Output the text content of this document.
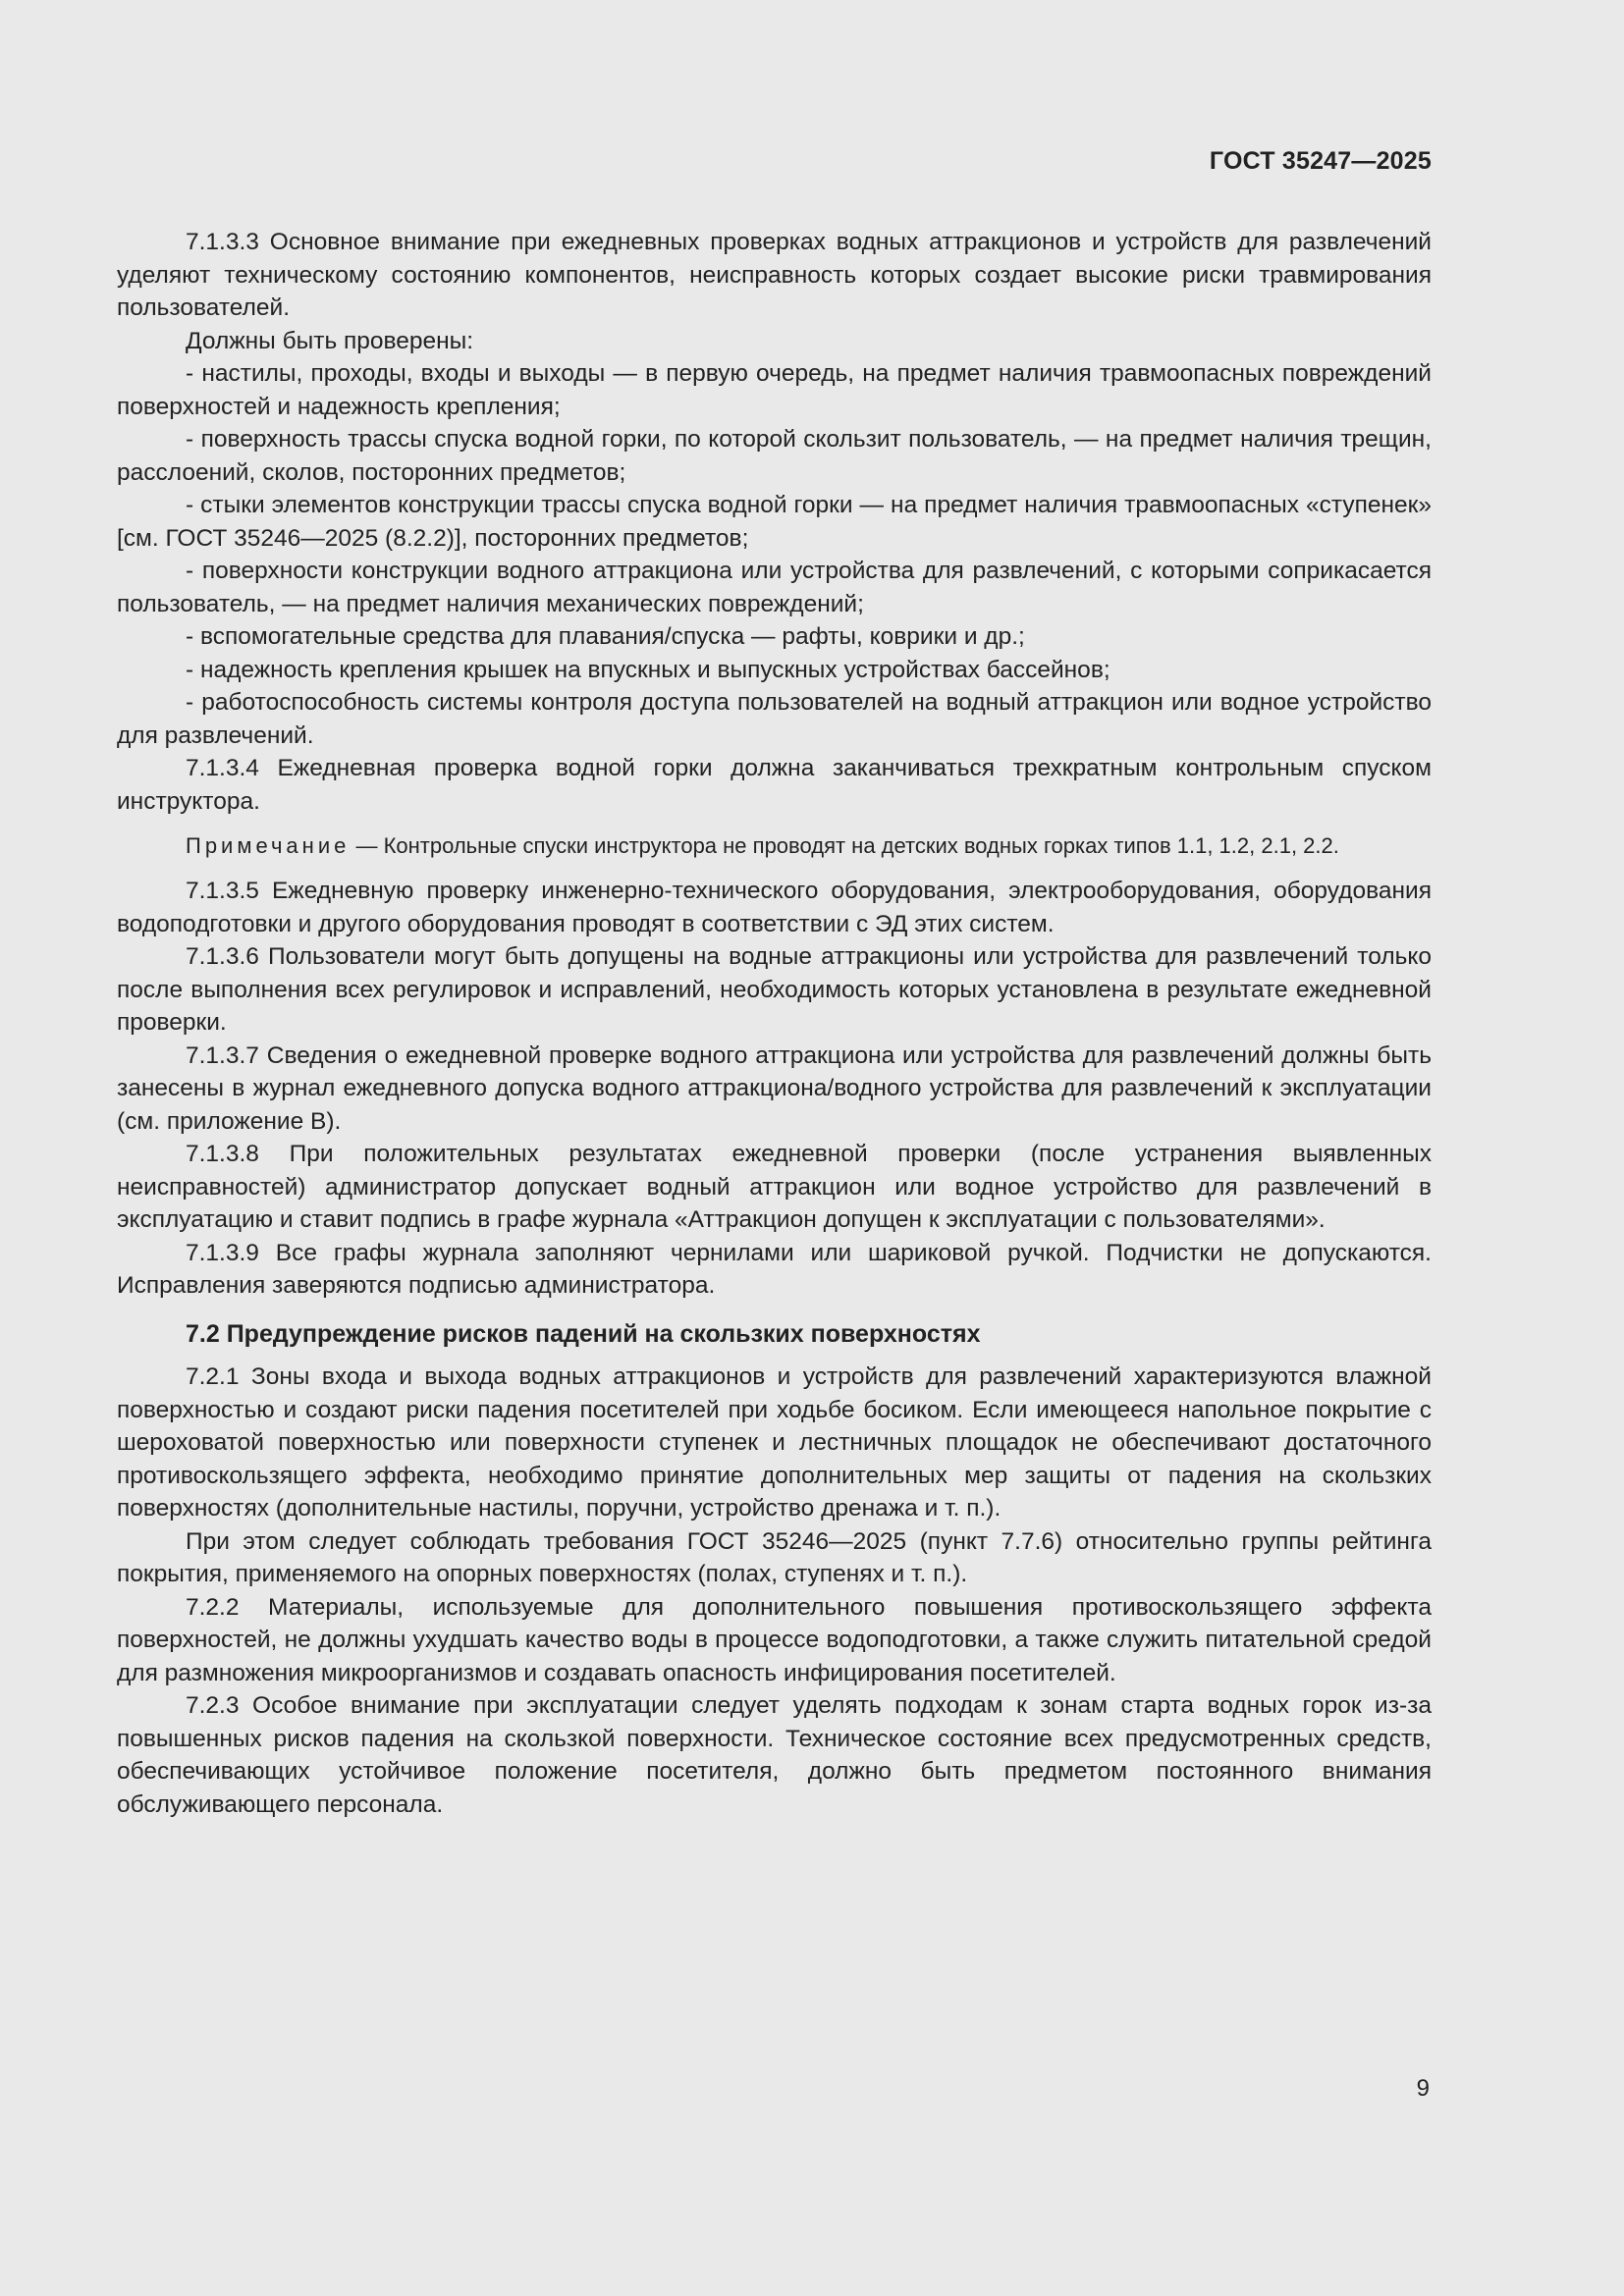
ГОСТ 35247—2025

7.1.3.3 Основное внимание при ежедневных проверках водных аттракционов и устройств для развлечений уделяют техническому состоянию компонентов, неисправность которых создает высокие риски травмирования пользователей.

Должны быть проверены:

- настилы, проходы, входы и выходы — в первую очередь, на предмет наличия травмоопасных повреждений поверхностей и надежность крепления;

- поверхность трассы спуска водной горки, по которой скользит пользователь, — на предмет наличия трещин, расслоений, сколов, посторонних предметов;

- стыки элементов конструкции трассы спуска водной горки — на предмет наличия травмоопасных «ступенек» [см. ГОСТ 35246—2025 (8.2.2)], посторонних предметов;

- поверхности конструкции водного аттракциона или устройства для развлечений, с которыми соприкасается пользователь, — на предмет наличия механических повреждений;

- вспомогательные средства для плавания/спуска — рафты, коврики и др.;

- надежность крепления крышек на впускных и выпускных устройствах бассейнов;

- работоспособность системы контроля доступа пользователей на водный аттракцион или водное устройство для развлечений.

7.1.3.4 Ежедневная проверка водной горки должна заканчиваться трехкратным контрольным спуском инструктора.

Примечание — Контрольные спуски инструктора не проводят на детских водных горках типов 1.1, 1.2, 2.1, 2.2.

7.1.3.5 Ежедневную проверку инженерно-технического оборудования, электрооборудования, оборудования водоподготовки и другого оборудования проводят в соответствии с ЭД этих систем.

7.1.3.6 Пользователи могут быть допущены на водные аттракционы или устройства для развлечений только после выполнения всех регулировок и исправлений, необходимость которых установлена в результате ежедневной проверки.

7.1.3.7 Сведения о ежедневной проверке водного аттракциона или устройства для развлечений должны быть занесены в журнал ежедневного допуска водного аттракциона/водного устройства для развлечений к эксплуатации (см. приложение В).

7.1.3.8 При положительных результатах ежедневной проверки (после устранения выявленных неисправностей) администратор допускает водный аттракцион или водное устройство для развлечений в эксплуатацию и ставит подпись в графе журнала «Аттракцион допущен к эксплуатации с пользователями».

7.1.3.9 Все графы журнала заполняют чернилами или шариковой ручкой. Подчистки не допускаются. Исправления заверяются подписью администратора.

7.2 Предупреждение рисков падений на скользких поверхностях

7.2.1 Зоны входа и выхода водных аттракционов и устройств для развлечений характеризуются влажной поверхностью и создают риски падения посетителей при ходьбе босиком. Если имеющееся напольное покрытие с шероховатой поверхностью или поверхности ступенек и лестничных площадок не обеспечивают достаточного противоскользящего эффекта, необходимо принятие дополнительных мер защиты от падения на скользких поверхностях (дополнительные настилы, поручни, устройство дренажа и т. п.).

При этом следует соблюдать требования ГОСТ 35246—2025 (пункт 7.7.6) относительно группы рейтинга покрытия, применяемого на опорных поверхностях (полах, ступенях и т. п.).

7.2.2 Материалы, используемые для дополнительного повышения противоскользящего эффекта поверхностей, не должны ухудшать качество воды в процессе водоподготовки, а также служить питательной средой для размножения микроорганизмов и создавать опасность инфицирования посетителей.

7.2.3 Особое внимание при эксплуатации следует уделять подходам к зонам старта водных горок из-за повышенных рисков падения на скользкой поверхности. Техническое состояние всех предусмотренных средств, обеспечивающих устойчивое положение посетителя, должно быть предметом постоянного внимания обслуживающего персонала.

9
